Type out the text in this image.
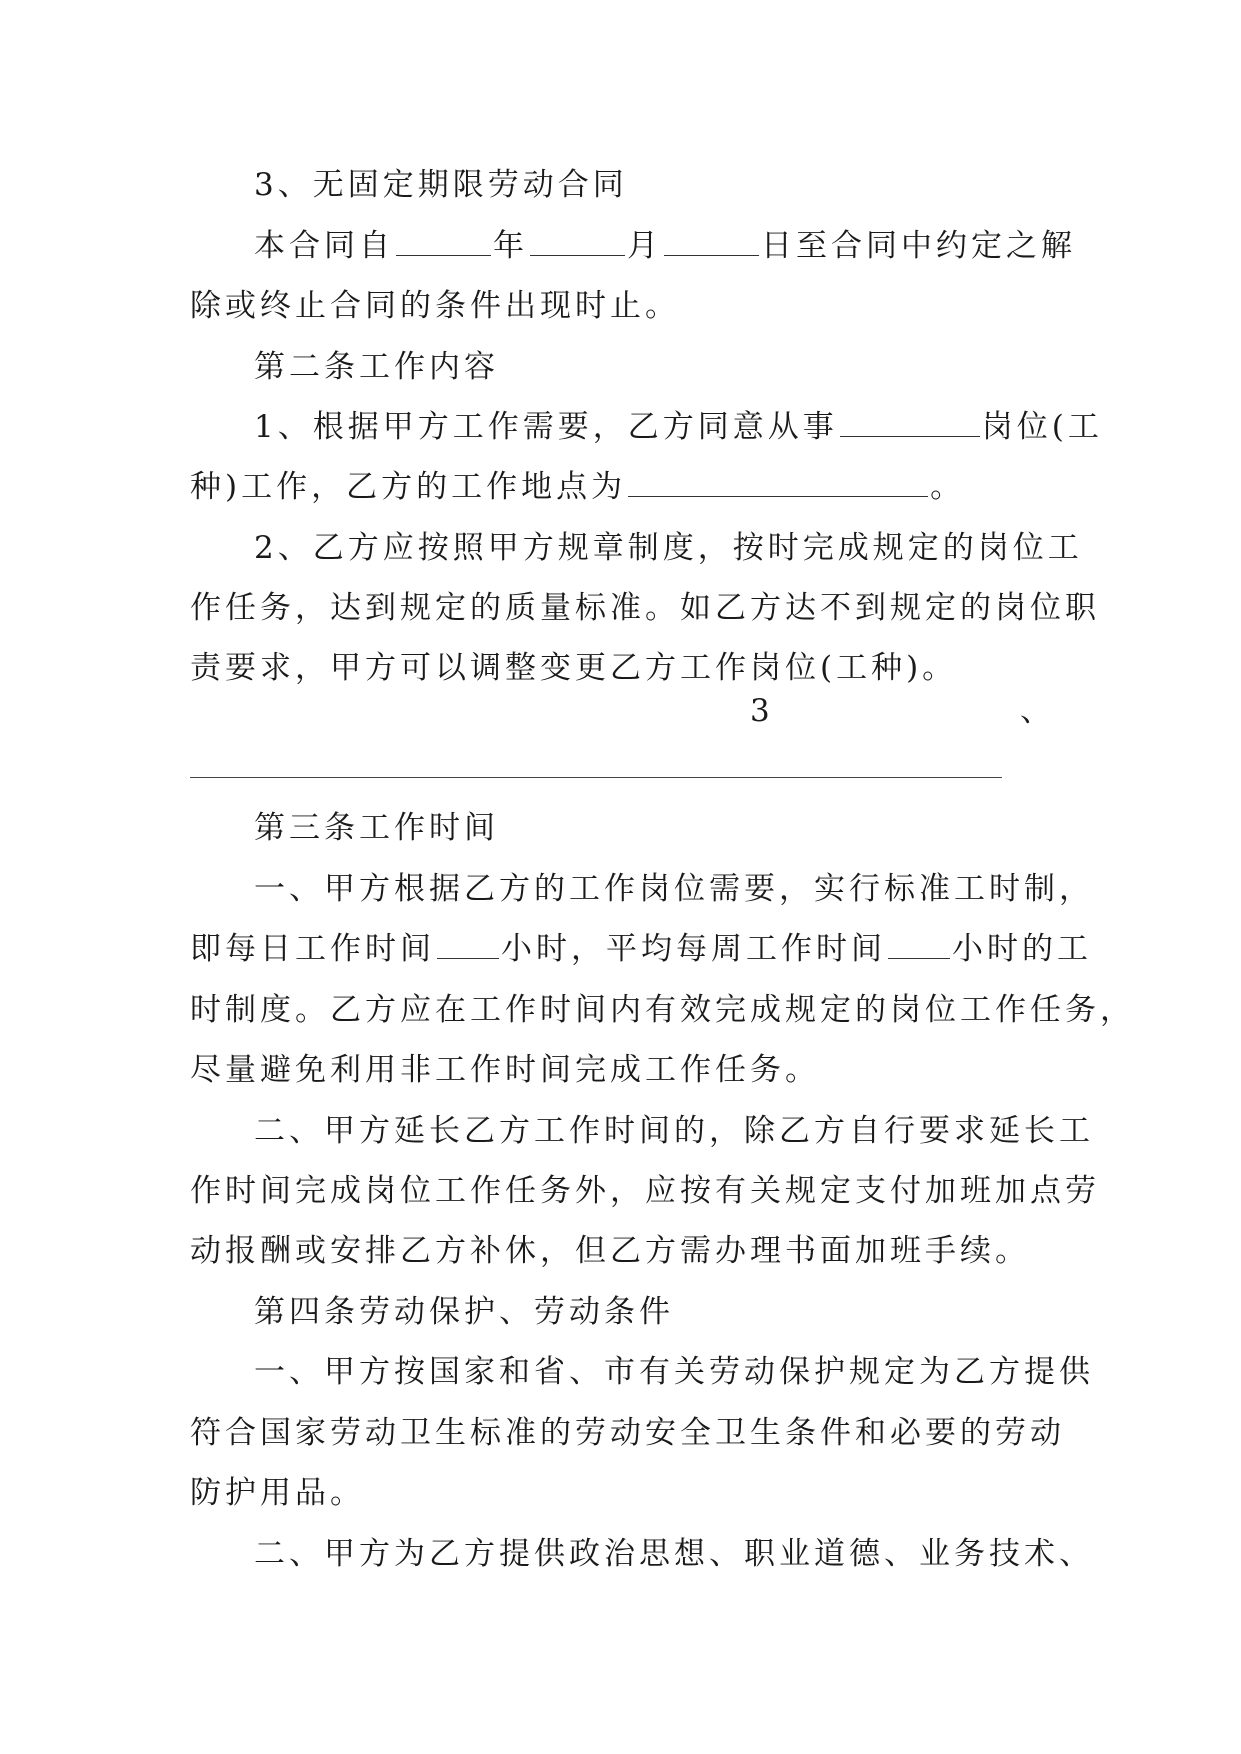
3、无固定期限劳动合同
本合同自	年	月	日至合同中约定之解
除或终止合同的条件出现时止。
第二条工作内容
1、根据甲方工作需要，乙方同意从事	岗位(工
种)工作，乙方的工作地点为	。
2、乙方应按照甲方规章制度，按时完成规定的岗位工
作任务，达到规定的质量标准。如乙方达不到规定的岗位职
责要求，甲方可以调整变更乙方工作岗位(工种)。
3	、
第三条工作时间
一、甲方根据乙方的工作岗位需要，实行标准工时制，
即每日工作时间 小时，平均每周工作时间 小时的工
时制度。乙方应在工作时间内有效完成规定的岗位工作任务，
尽量避免利用非工作时间完成工作任务。
二、甲方延长乙方工作时间的，除乙方自行要求延长工
作时间完成岗位工作任务外，应按有关规定支付加班加点劳
动报酬或安排乙方补休，但乙方需办理书面加班手续。
第四条劳动保护、劳动条件
一、甲方按国家和省、市有关劳动保护规定为乙方提供
符合国家劳动卫生标准的劳动安全卫生条件和必要的劳动
防护用品。
二、甲方为乙方提供政治思想、职业道德、业务技术、
